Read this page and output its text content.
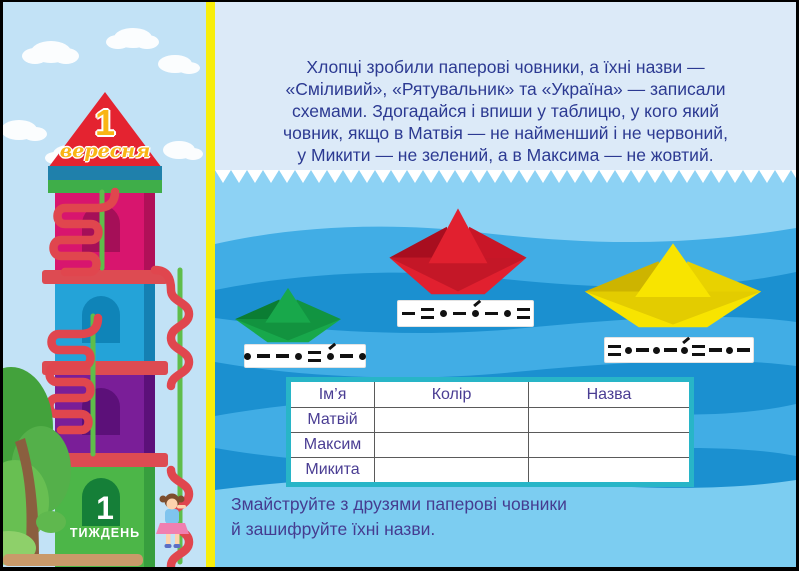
1
вересня
1
ТИЖДЕНЬ
Хлопці зробили паперові човники, а їхні назви —
«Сміливий», «Рятувальник» та «Україна» — записали
схемами. Здогадайся і впиши у таблицю, у кого який
човник, якщо в Матвія — не найменший і не червоний,
у Микити — не зелений, а в Максима — не жовтий.
Ім’я	Колір	Назва
Матвій		
Максим		
Микита		
Змайструйте з друзями паперові човники
й зашифруйте їхні назви.
